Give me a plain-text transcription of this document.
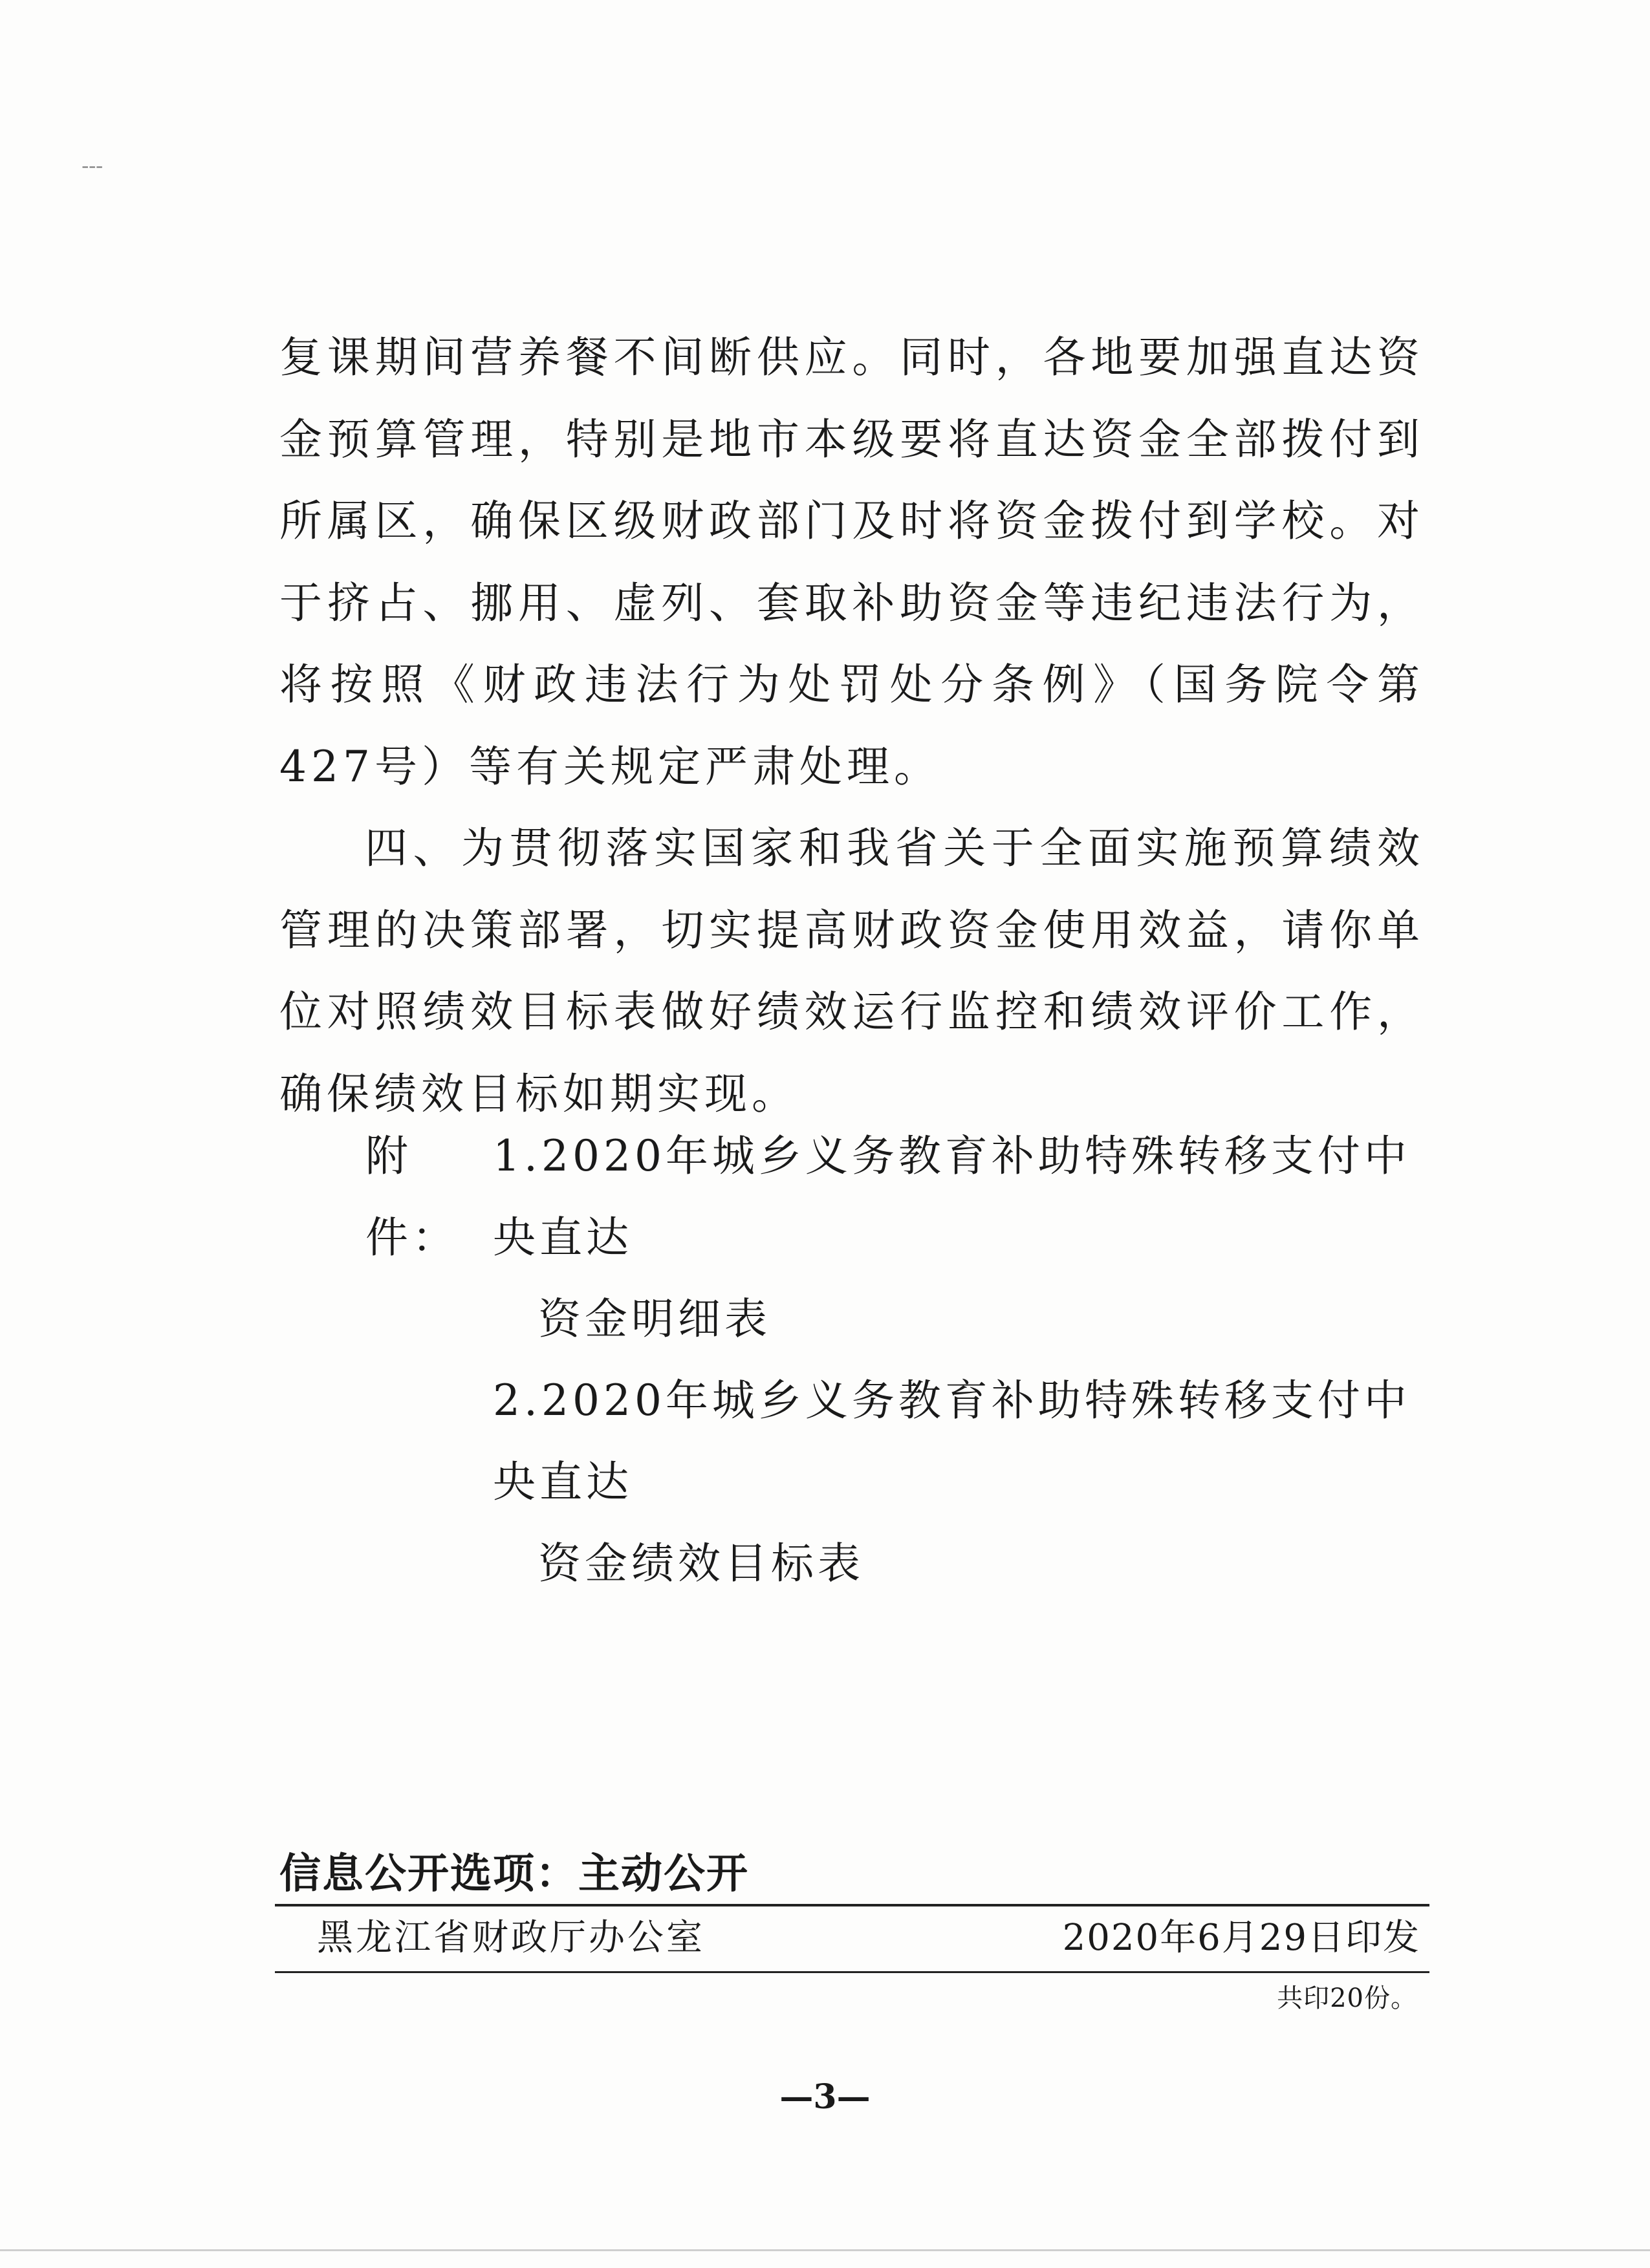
┆

复课期间营养餐不间断供应。同时，各地要加强直达资金预算管理，特别是地市本级要将直达资金全部拨付到所属区，确保区级财政部门及时将资金拨付到学校。对于挤占、挪用、虚列、套取补助资金等违纪违法行为，将按照《财政违法行为处罚处分条例》（国务院令第427号）等有关规定严肃处理。

四、为贯彻落实国家和我省关于全面实施预算绩效管理的决策部署，切实提高财政资金使用效益，请你单位对照绩效目标表做好绩效运行监控和绩效评价工作，确保绩效目标如期实现。

附件：

1.2020年城乡义务教育补助特殊转移支付中央直达

资金明细表

2.2020年城乡义务教育补助特殊转移支付中央直达

资金绩效目标表

信息公开选项：主动公开
黑龙江省财政厅办公室	2020年6月29日印发
共印20份。
—3—
